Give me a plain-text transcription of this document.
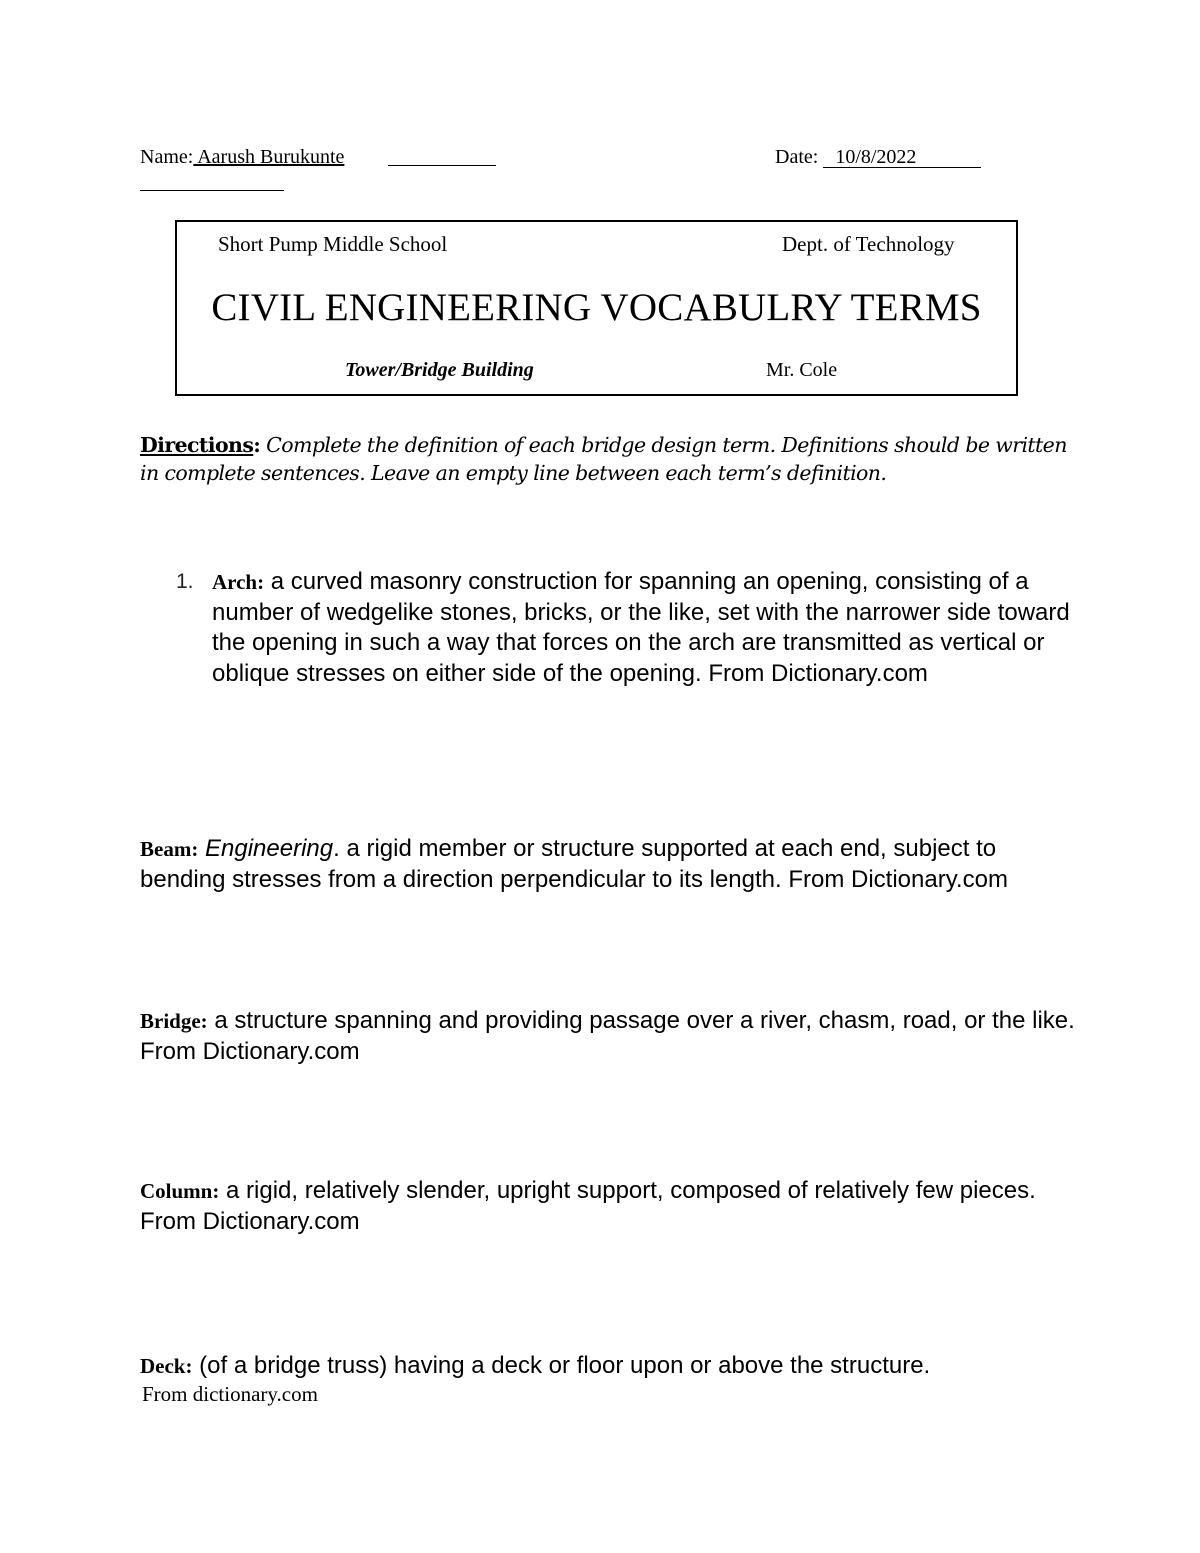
Name: Aarush Burukunte	Date: 10/8/2022
Short Pump Middle School	Dept. of Technology
CIVIL ENGINEERING VOCABULRY TERMS
Tower/Bridge Building	Mr. Cole
Directions: Complete the definition of each bridge design term. Definitions should be written in complete sentences. Leave an empty line between each term’s definition.
1. Arch: a curved masonry construction for spanning an opening, consisting of a number of wedgelike stones, bricks, or the like, set with the narrower side toward the opening in such a way that forces on the arch are transmitted as vertical or oblique stresses on either side of the opening. From Dictionary.com
Beam: Engineering. a rigid member or structure supported at each end, subject to bending stresses from a direction perpendicular to its length. From Dictionary.com
Bridge: a structure spanning and providing passage over a river, chasm, road, or the like. From Dictionary.com
Column: a rigid, relatively slender, upright support, composed of relatively few pieces. From Dictionary.com
Deck: (of a bridge truss) having a deck or floor upon or above the structure.
From dictionary.com
